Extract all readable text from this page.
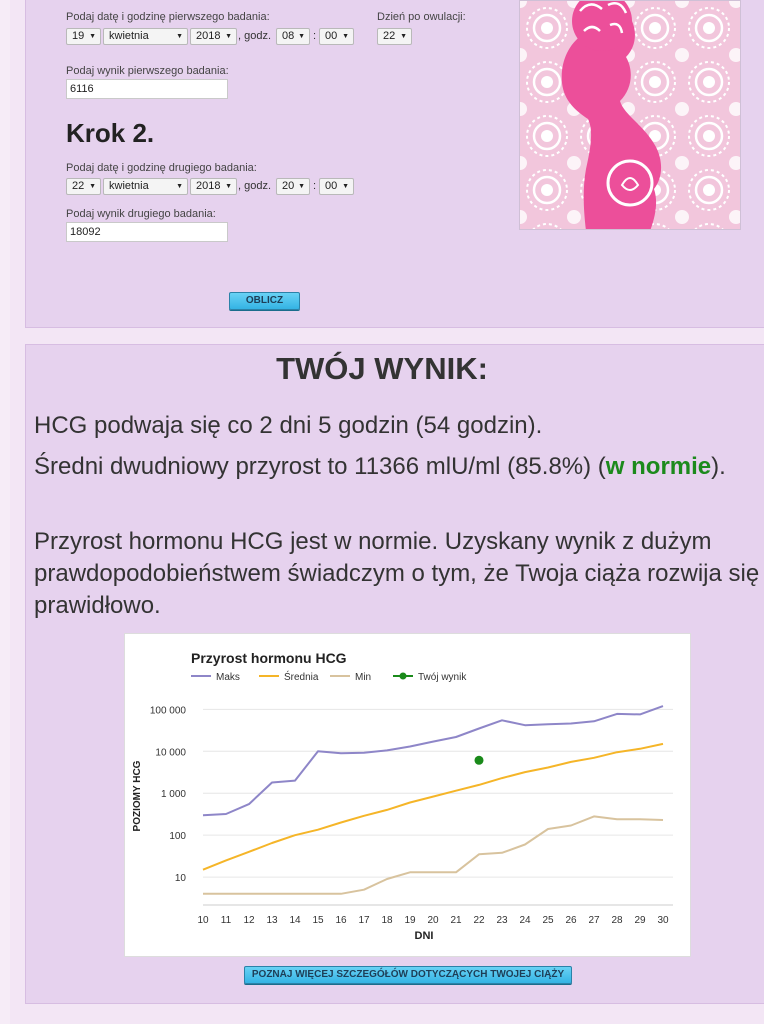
Podaj datę i godzinę pierwszego badania:
19 ▼	kwietnia	▼	2018 ▼ , godz. 08 ▼ : 00 ▼
Dzień po owulacji:
22 ▼
Podaj wynik pierwszego badania:
6116
Krok 2.
Podaj datę i godzinę drugiego badania:
22 ▼	kwietnia	▼	2018 ▼ , godz. 20 ▼ : 00 ▼
Podaj wynik drugiego badania:
18092
OBLICZ
TWÓJ WYNIK:
HCG podwaja się co 2 dni 5 godzin (54 godzin).
Średni dwudniowy przyrost to 11366 mlU/ml (85.8%) (w normie).
Przyrost hormonu HCG jest w normie. Uzyskany wynik z dużym prawdopodobieństwem świadczym o tym, że Twoja ciąża rozwija się prawidłowo.
Przyrost hormonu HCG
Maks	Średnia	Min	Twój wynik
10
100
1 000
10 000
100 000
10 11 12 13 14 15 16 17 18 19 20 21 22 23 24 25 26 27 28 29 30
DNI
POZIOMY HCG
POZNAJ WIĘCEJ SZCZEGÓŁÓW DOTYCZĄCYCH TWOJEJ CIĄŻY
